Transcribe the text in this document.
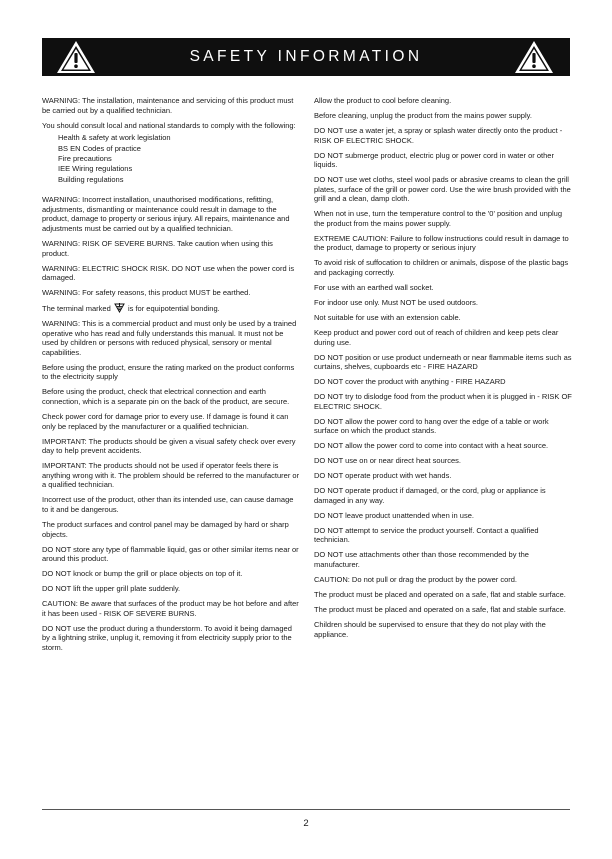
SAFETY INFORMATION

WARNING: The installation, maintenance and servicing of this product must be carried out by a qualified technician.

You should consult local and national standards to comply with the following:

Health & safety at work legislation
BS EN Codes of practice
Fire precautions
IEE Wiring regulations
Building regulations

WARNING: Incorrect installation, unauthorised modifications, refitting, adjustments, dismantling or maintenance could result in damage to the product, damage to property or serious injury. All repairs, maintenance and adjustments must be carried out by a qualified technician.

WARNING: RISK OF SEVERE BURNS. Take caution when using this product.

WARNING: ELECTRIC SHOCK RISK. DO NOT use when the power cord is damaged.

WARNING: For safety reasons, this product MUST be earthed.

The terminal marked is for equipotential bonding.

WARNING: This is a commercial product and must only be used by a trained operative who has read and fully understands this manual. It must not be used by children or persons with reduced physical, sensory or mental capabilities.

Before using the product, ensure the rating marked on the product conforms to the electricity supply

Before using the product, check that electrical connection and earth connection, which is a separate pin on the back of the product, are secure.

Check power cord for damage prior to every use. If damage is found it can only be replaced by the manufacturer or a qualified technician.

IMPORTANT: The products should be given a visual safety check over every day to help prevent accidents.

IMPORTANT: The products should not be used if operator feels there is anything wrong with it. The problem should be referred to the manufacturer or a qualified technician.

Incorrect use of the product, other than its intended use, can cause damage to it and be dangerous.

The product surfaces and control panel may be damaged by hard or sharp objects.

DO NOT store any type of flammable liquid, gas or other similar items near or around this product.

DO NOT knock or bump the grill or place objects on top of it.

DO NOT lift the upper grill plate suddenly.

CAUTION: Be aware that surfaces of the product may be hot before and after it has been used - RISK OF SEVERE BURNS.

DO NOT use the product during a thunderstorm. To avoid it being damaged by a lightning strike, unplug it, removing it from electricity supply prior to the storm.

Allow the product to cool before cleaning.

Before cleaning, unplug the product from the mains power supply.

DO NOT use a water jet, a spray or splash water directly onto the product - RISK OF ELECTRIC SHOCK.

DO NOT submerge product, electric plug or power cord in water or other liquids.

DO NOT use wet cloths, steel wool pads or abrasive creams to clean the grill plates, surface of the grill or power cord. Use the wire brush provided with the grill and a clean, damp cloth.

When not in use, turn the temperature control to the '0' position and unplug the product from the mains power supply.

EXTREME CAUTION: Failure to follow instructions could result in damage to the product, damage to property or serious injury

To avoid risk of suffocation to children or animals, dispose of the plastic bags and packaging correctly.

For use with an earthed wall socket.

For indoor use only. Must NOT be used outdoors.

Not suitable for use with an extension cable.

Keep product and power cord out of reach of children and keep pets clear during use.

DO NOT position or use product underneath or near flammable items such as curtains, shelves, cupboards etc - FIRE HAZARD

DO NOT cover the product with anything - FIRE HAZARD

DO NOT try to dislodge food from the product when it is plugged in - RISK OF ELECTRIC SHOCK.

DO NOT allow the power cord to hang over the edge of a table or work surface on which the product stands.

DO NOT allow the power cord to come into contact with a heat source.

DO NOT use on or near direct heat sources.

DO NOT operate product with wet hands.

DO NOT operate product if damaged, or the cord, plug or appliance is damaged in any way.

DO NOT leave product unattended when in use.

DO NOT attempt to service the product yourself. Contact a qualified technician.

DO NOT use attachments other than those recommended by the manufacturer.

CAUTION: Do not pull or drag the product by the power cord.

The product must be placed and operated on a safe, flat and stable surface.

The product must be placed and operated on a safe, flat and stable surface.

Children should be supervised to ensure that they do not play with the appliance.

2
